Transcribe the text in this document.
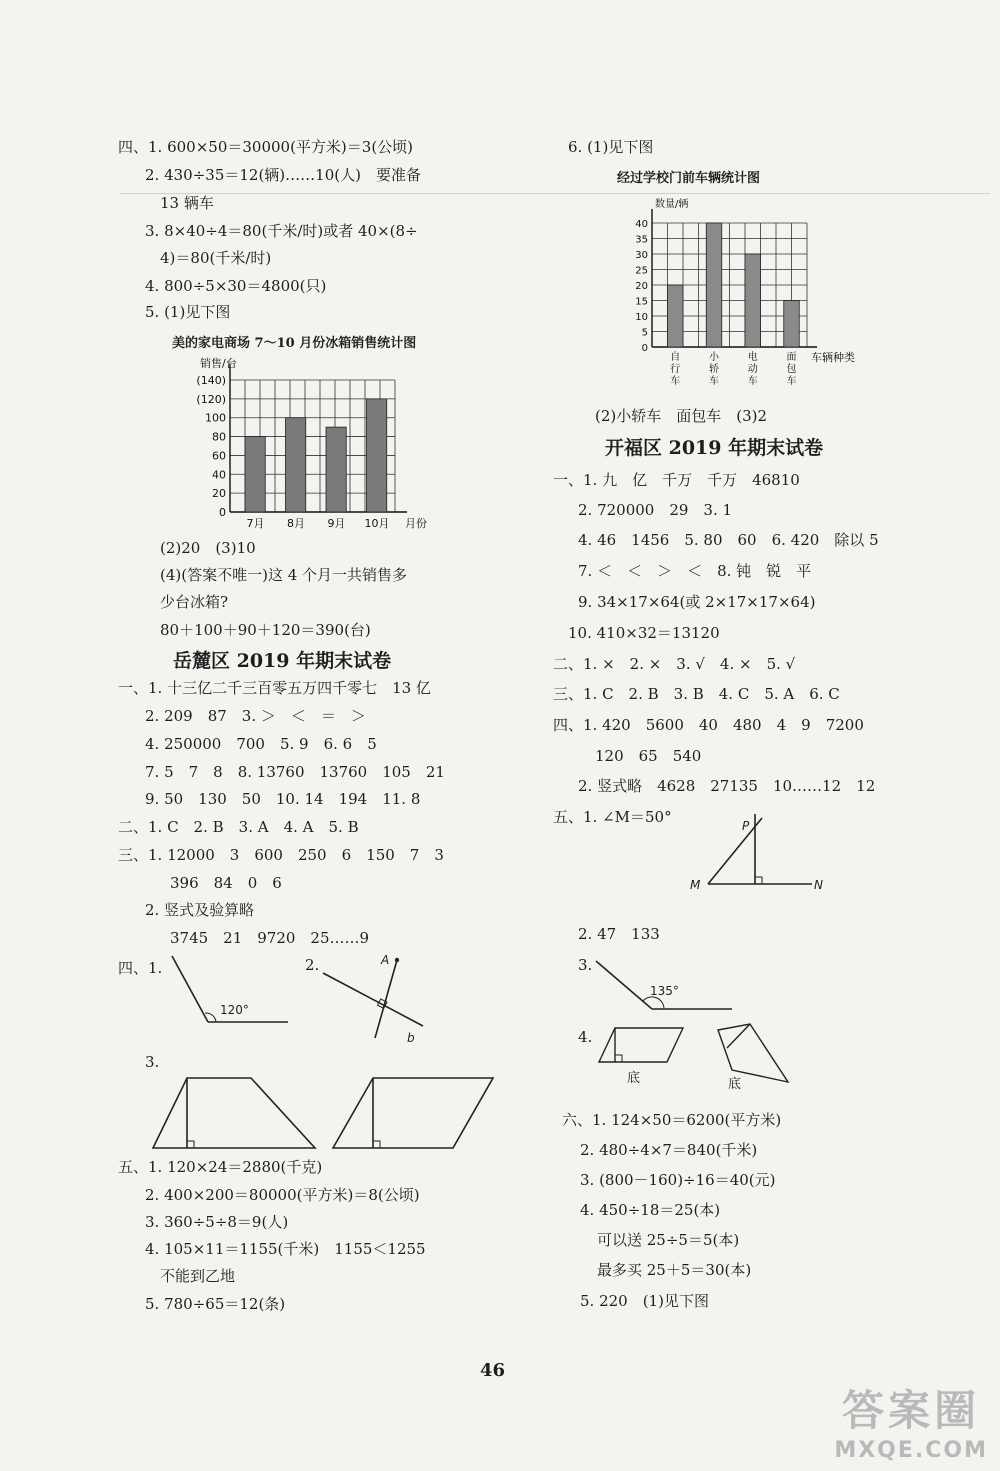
四、1. 600×50＝30000(平方米)＝3(公顷)
2. 430÷35＝12(辆)……10(人)　要准备
13 辆车
3. 8×40÷4＝80(千米/时)或者 40×(8÷
4)＝80(千米/时)
4. 800÷5×30＝4800(只)
5. (1)见下图
美的家电商场 7～10 月份冰箱销售统计图
销售/台
月份
0
20
40
60
80
100
(120)
(140)
7月 8月 9月 10月
(2)20　(3)10
(4)(答案不唯一)这 4 个月一共销售多
少台冰箱?
80＋100＋90＋120＝390(台)
岳麓区 2019 年期末试卷
一、1. 十三亿二千三百零五万四千零七　13 亿
2. 209　87　3. ＞　＜　＝　＞
4. 250000　700　5. 9　6. 6　5
7. 5　7　8　8. 13760　13760　105　21
9. 50　130　50　10. 14　194　11. 8
二、1. C　2. B　3. A　4. A　5. B
三、1. 12000　3　600　250　6　150　7　3
396　84　0　6
2. 竖式及验算略
3745　21　9720　25……9
四、1.
120°
2.	A
b
3.
五、1. 120×24＝2880(千克)
2. 400×200＝80000(平方米)＝8(公顷)
3. 360÷5÷8＝9(人)
4. 105×11＝1155(千米)　1155＜1255
不能到乙地
5. 780÷65＝12(条)
6. (1)见下图
经过学校门前车辆统计图
数量/辆
车辆种类
0
5
10
15
20
25
30
35
40
自行车
小轿车
电动车
面包车
(2)小轿车　面包车　(3)2
开福区 2019 年期末试卷
一、1. 九　亿　千万　千万　46810
2. 720000　29　3. 1
4. 46　1456　5. 80　60　6. 420　除以 5
7. ＜　＜　＞　＜　8. 钝　锐　平
9. 34×17×64(或 2×17×17×64)
10. 410×32＝13120
二、1. ×　2. ×　3. √　4. ×　5. √
三、1. C　2. B　3. B　4. C　5. A　6. C
四、1. 420　5600　40　480　4　9　7200
120　65　540
2. 竖式略　4628　27135　10……12　12
五、1. ∠M＝50°	P
M	N
2. 47　133
3.
135°
4.
底	底
六、1. 124×50＝6200(平方米)
2. 480÷4×7＝840(千米)
3. (800－160)÷16＝40(元)
4. 450÷18＝25(本)
可以送 25÷5＝5(本)
最多买 25＋5＝30(本)
5. 220　(1)见下图
46
答案圈
MXQE.COM
